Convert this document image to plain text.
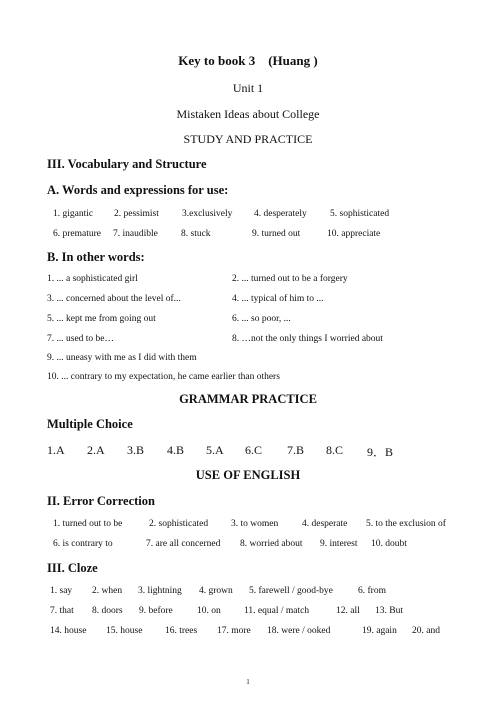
Key to book 3    (Huang )
Unit 1
Mistaken Ideas about College
STUDY AND PRACTICE
III. Vocabulary and Structure
A. Words and expressions for use:
1. gigantic 2. pessimist 3.exclusively 4. desperately 5. sophisticated
6. premature 7. inaudible 8. stuck	9. turned out	10. appreciate
B. In other words:
1. ... a sophisticated girl	2. ... turned out to be a forgery
3. ... concerned about the level of...	4. ... typical of him to ...
5. ... kept me from going out	6. ... so poor, ...
7. ... used to be…	8. …not the only things I worried about
9. ... uneasy with me as I did with them
10. ... contrary to my expectation, he came earlier than others
GRAMMAR PRACTICE
Multiple Choice
1.A 2.A 3.B 4.B 5.A 6.C 7.B 8.C 9．B
USE OF ENGLISH
II. Error Correction
1. turned out to be	2. sophisticated 3. to women	4. desperate 5. to the exclusion of
6. is contrary to	7. are all concerned 8. worried about 9. interest 10. doubt
III. Cloze
1. say 2. when 3. lightning 4. grown 5. farewell / good-bye	6. from
7. that 8. doors 9. before	10. on 11. equal / match	12. all 13. But
14. house 15. house 16. trees 17. more 18. were / ooked	19. again 20. and
1
